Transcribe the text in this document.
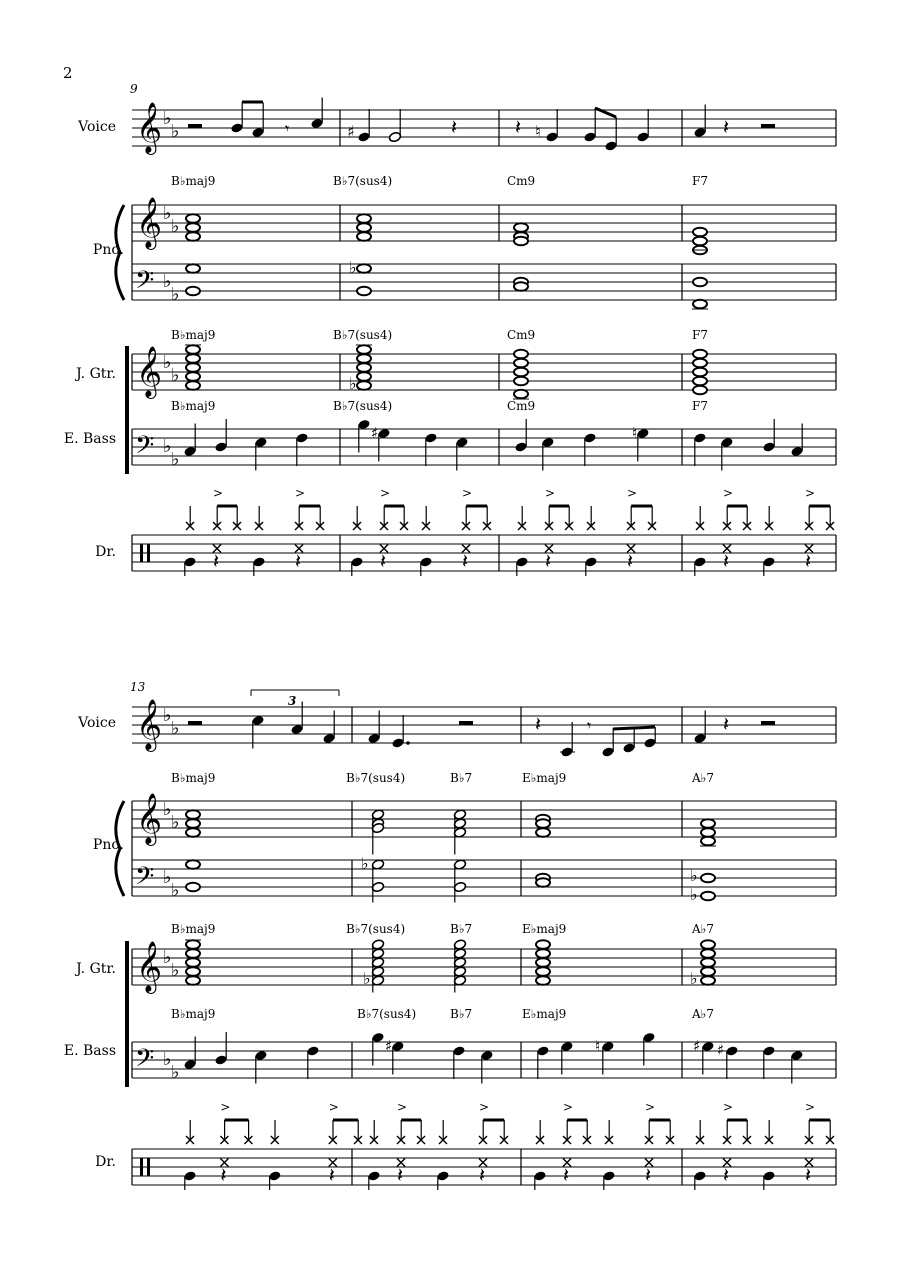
2
9
Voice
Pno.
J. Gtr.
E. Bass
Dr.
B♭maj9	B♭7(sus4)	Cm9	F7
B♭maj9	B♭7(sus4)	Cm9	F7
B♭maj9	B♭7(sus4)	Cm9	F7
13
3
Voice
Pno.
J. Gtr.
E. Bass
Dr.
B♭maj9	B♭7(sus4)	B♭7	E♭maj9	A♭7
B♭maj9	B♭7(sus4)	B♭7	E♭maj9	A♭7
B♭maj9	B♭7(sus4)	B♭7	E♭maj9	A♭7
𝄞 ♭
♭	𝄾	♯	𝄽	𝄽 ♮	𝄽
𝄞 ♭
♭
𝄢 ♭
♭
♭
𝄞 ♭
♭	♭
𝄢 ♭
♭
♯	♮
>	>
𝄽	𝄽
>	>
𝄽	𝄽
>	>
𝄽	𝄽
>	>
𝄽	𝄽
𝄞 ♭
♭	𝄽	𝄾	𝄽
𝄞 ♭
♭
𝄢 ♭
♭
♭
♭
♭
𝄞 ♭
♭	♭	♭
𝄢 ♭
♭
♯	♮	♯ ♯
>	>
𝄽	𝄽
>	>
𝄽	𝄽
>	>
𝄽	𝄽
>	>
𝄽	𝄽
